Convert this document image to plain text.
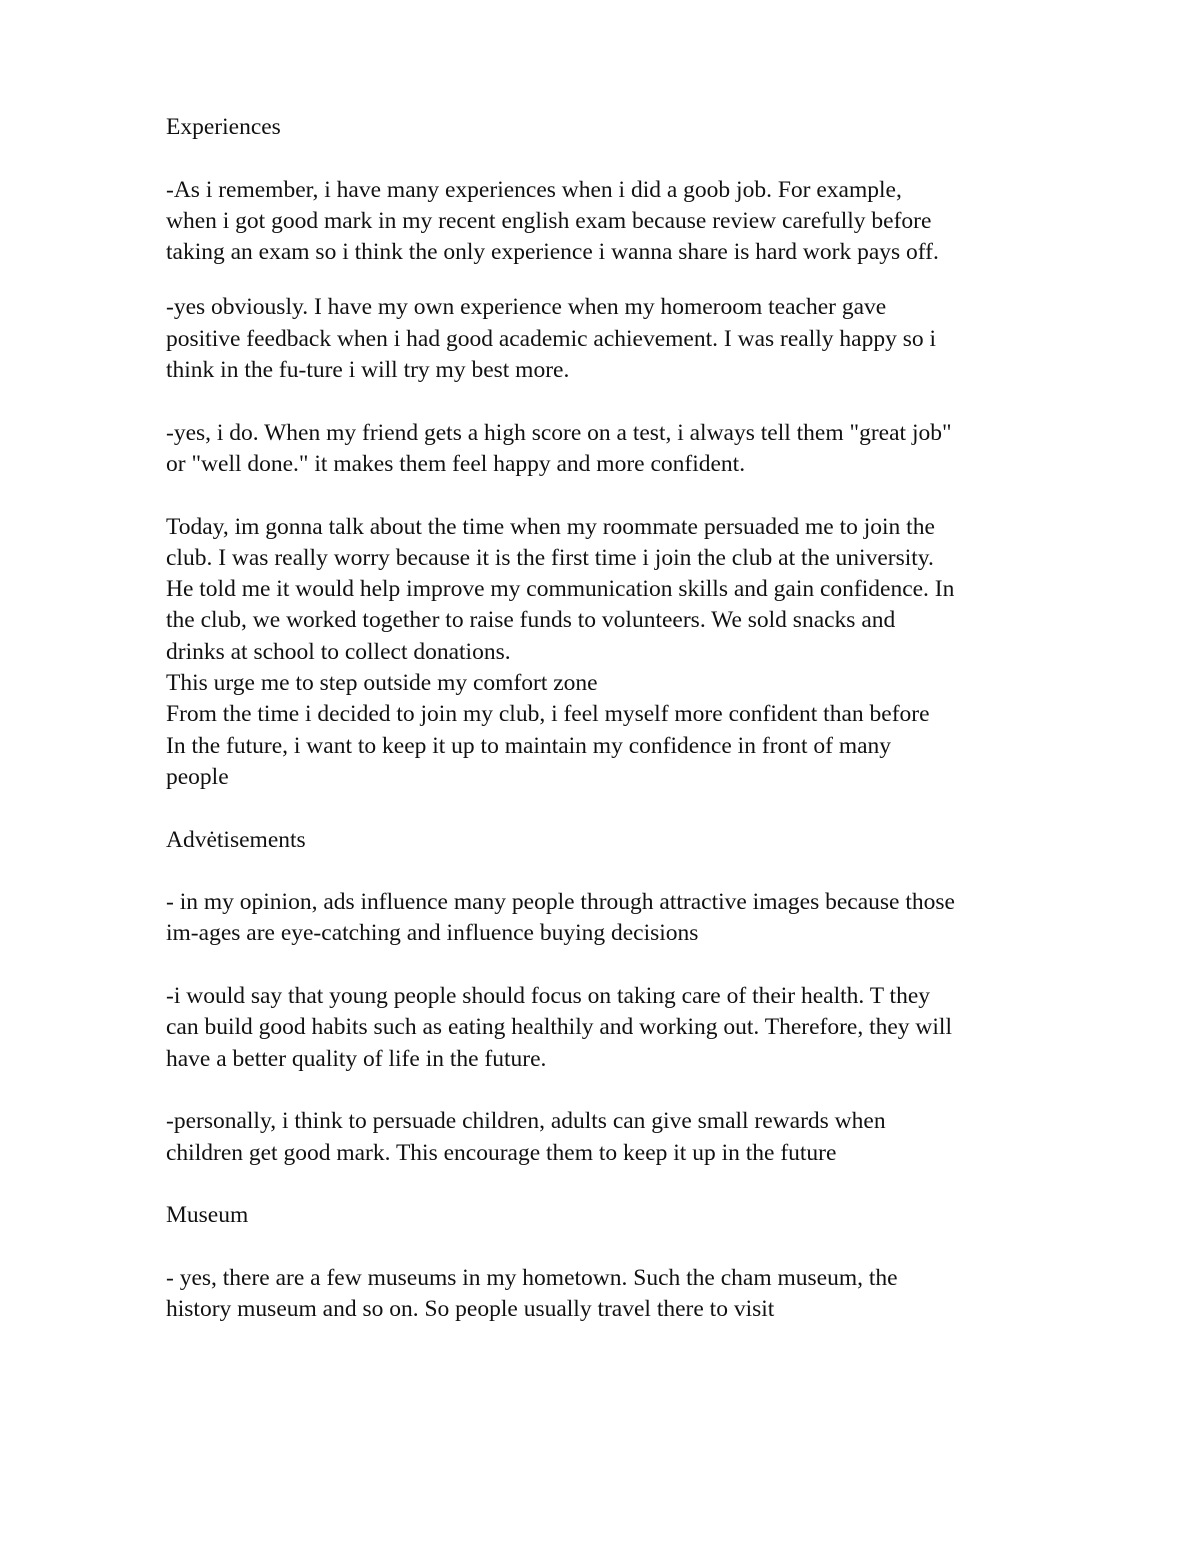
Experiences

-As i remember, i have many experiences when i did a goob job. For example,

when i got good mark in my recent english exam because review carefully before

taking an exam so i think the only experience i wanna share is hard work pays off.

-yes obviously. I have my own experience when my homeroom teacher gave

positive feedback when i had good academic achievement. I was really happy so i

think in the fu-ture i will try my best more.

-yes, i do. When my friend gets a high score on a test, i always tell them "great job"

or "well done." it makes them feel happy and more confident.

Today, im gonna talk about the time when my roommate persuaded me to join the

club. I was really worry because it is the first time i join the club at the university.

He told me it would help improve my communication skills and gain confidence. In

the club, we worked together to raise funds to volunteers. We sold snacks and

drinks at school to collect donations.

This urge me to step outside my comfort zone

From the time i decided to join my club, i feel myself more confident than before

In the future, i want to keep it up to maintain my confidence in front of many

people

Advėtisements

- in my opinion, ads influence many people through attractive images because those

im-ages are eye-catching and influence buying decisions

-i would say that young people should focus on taking care of their health. T they

can build good habits such as eating healthily and working out. Therefore, they will

have a better quality of life in the future.

-personally, i think to persuade children, adults can give small rewards when

children get good mark. This encourage them to keep it up in the future

Museum

- yes, there are a few museums in my hometown. Such the cham museum, the

history museum and so on. So people usually travel there to visit
